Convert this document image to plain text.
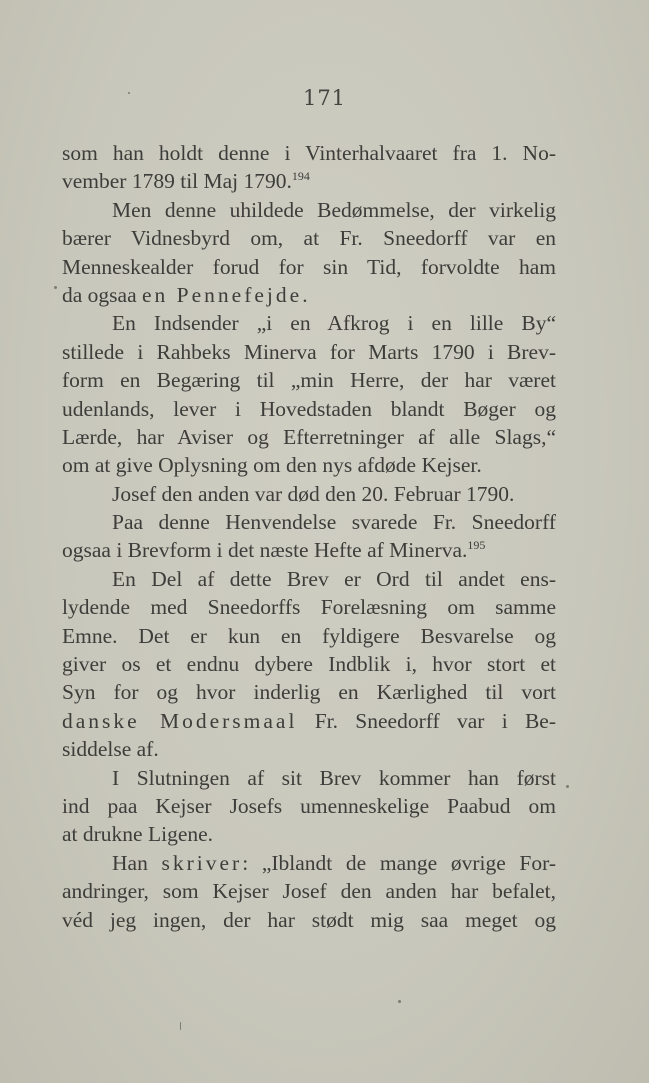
171
som han holdt denne i Vinterhalvaaret fra 1. No-
vember 1789 til Maj 1790.$^{194}$
Men denne uhildede Bedømmelse, der virkelig
bærer Vidnesbyrd om, at Fr. Sneedorff var en
Menneskealder forud for sin Tid, forvoldte ham
da ogsaa en Pennefejde.
En Indsender „i en Afkrog i en lille By“
stillede i Rahbeks Minerva for Marts 1790 i Brev-
form en Begæring til „min Herre, der har været
udenlands, lever i Hovedstaden blandt Bøger og
Lærde, har Aviser og Efterretninger af alle Slags,“
om at give Oplysning om den nys afdøde Kejser.
Josef den anden var død den 20. Februar 1790.
Paa denne Henvendelse svarede Fr. Sneedorff
ogsaa i Brevform i det næste Hefte af Minerva.$^{195}$
En Del af dette Brev er Ord til andet ens-
lydende med Sneedorffs Forelæsning om samme
Emne. Det er kun en fyldigere Besvarelse og
giver os et endnu dybere Indblik i, hvor stort et
Syn for og hvor inderlig en Kærlighed til vort
danske Modersmaal Fr. Sneedorff var i Be-
siddelse af.
I Slutningen af sit Brev kommer han først
ind paa Kejser Josefs umenneskelige Paabud om
at drukne Ligene.
Han skriver: „Iblandt de mange øvrige For-
andringer, som Kejser Josef den anden har befalet,
véd jeg ingen, der har stødt mig saa meget og
